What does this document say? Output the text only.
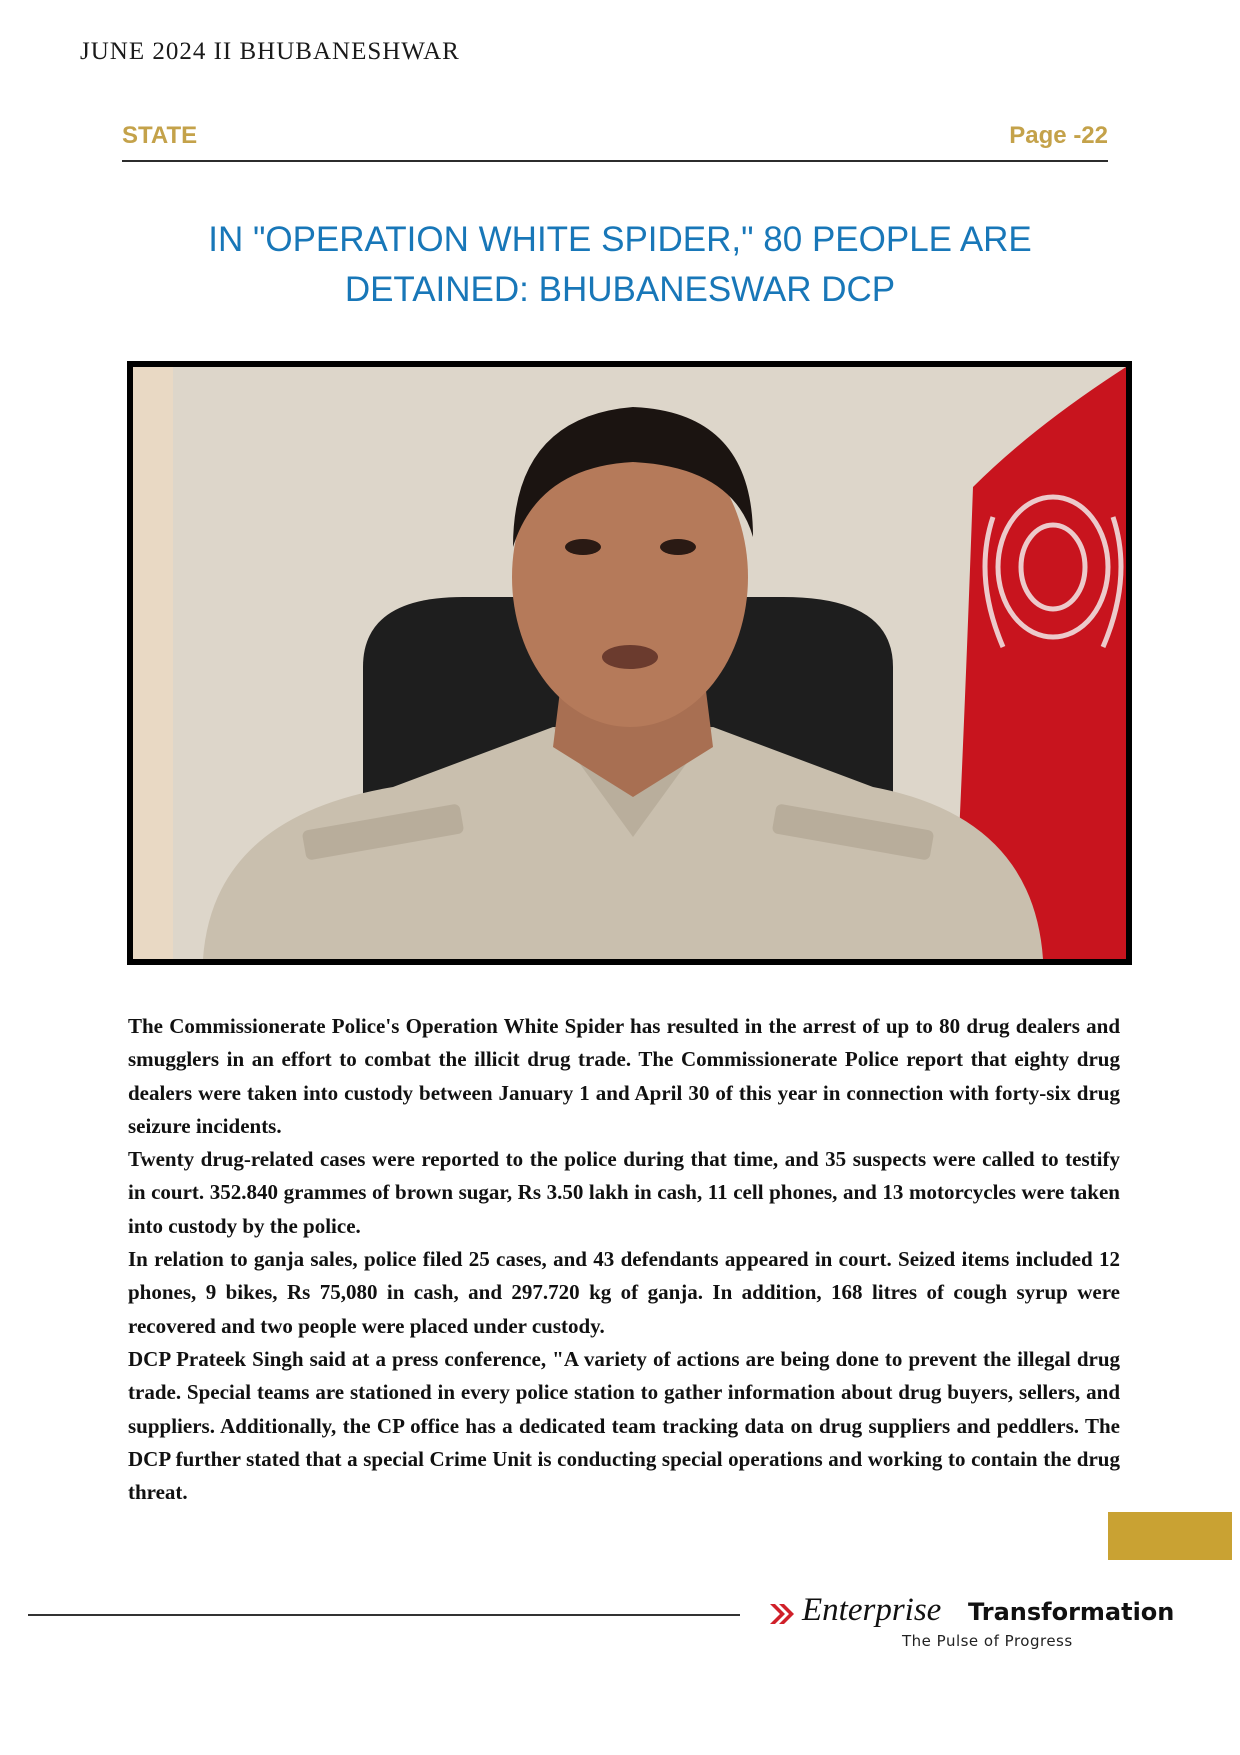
JUNE 2024 II BHUBANESHWAR
STATE	Page -22
IN "OPERATION WHITE SPIDER," 80 PEOPLE ARE
DETAINED: BHUBANESWAR DCP

The Commissionerate Police's Operation White Spider has resulted in the arrest of up to 80 drug dealers and smugglers in an effort to combat the illicit drug trade. The Commissionerate Police report that eighty drug dealers were taken into custody between January 1 and April 30 of this year in connection with forty-six drug seizure incidents.

Twenty drug-related cases were reported to the police during that time, and 35 suspects were called to testify in court. 352.840 grammes of brown sugar, Rs 3.50 lakh in cash, 11 cell phones, and 13 motorcycles were taken into custody by the police.

In relation to ganja sales, police filed 25 cases, and 43 defendants appeared in court. Seized items included 12 phones, 9 bikes, Rs 75,080 in cash, and 297.720 kg of ganja. In addition, 168 litres of cough syrup were recovered and two people were placed under custody.

DCP Prateek Singh said at a press conference, "A variety of actions are being done to prevent the illegal drug trade. Special teams are stationed in every police station to gather information about drug buyers, sellers, and suppliers. Additionally, the CP office has a dedicated team tracking data on drug suppliers and peddlers. The DCP further stated that a special Crime Unit is conducting special operations and working to contain the drug threat.

Enterprise Transformation
The Pulse of Progress
